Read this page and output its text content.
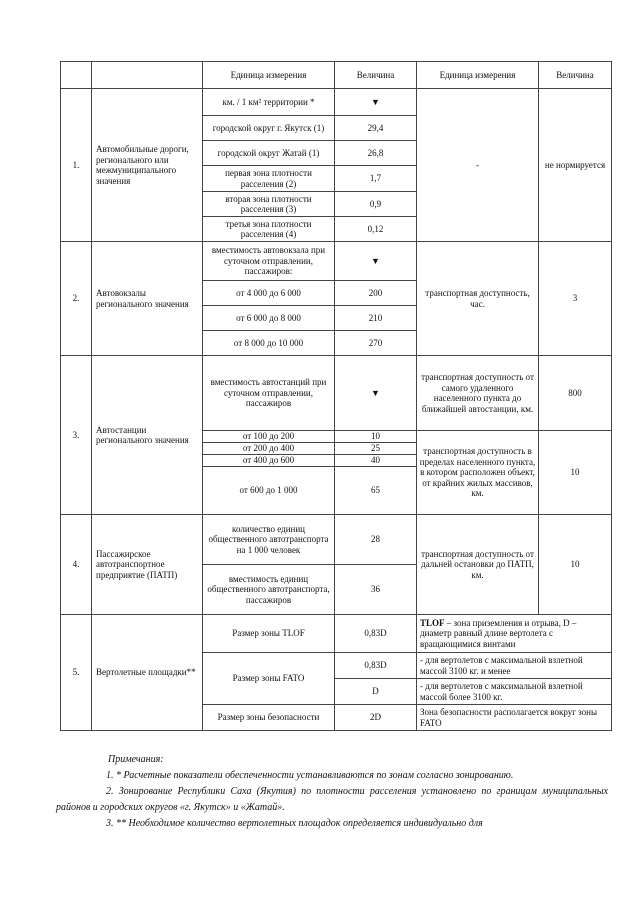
		Единица измерения	Величина	Единица измерения	Величина
1.	Автомобильные дороги, регионального или межмуниципального значения	км. / 1 км² территории *	▼	-	не нормируется
		городской округ г. Якутск (1)	29,4		
		городской округ Жатай (1)	26,8		
		первая зона плотности расселения (2)	1,7		
		вторая зона плотности расселения (3)	0,9		
		третья зона плотности расселения (4)	0,12		
2.	Автовокзалы регионального значения	вместимость автовокзала при суточном отправлении, пассажиров:	▼	транспортная доступность, час.	3
		от 4 000 до 6 000	200		
		от 6 000 до 8 000	210		
		от 8 000 до 10 000	270		
3.	Автостанции регионального значения	вместимость автостанций при суточном отправлении, пассажиров	▼	транспортная доступность от самого удаленного населенного пункта до ближайшей автостанции, км.	800
		от 100 до 200	10	транспортная доступность в пределах населенного пункта, в котором расположен объект, от крайних жилых массивов, км.	10
		от 200 до 400	25		
		от 400 до 600	40		
		от 600 до 1 000	65		
4.	Пассажирское автотранспортное предприятие (ПАТП)	количество единиц общественного автотранспорта на 1 000 человек	28	транспортная доступность от дальней остановки до ПАТП, км.	10
		вместимость единиц общественного автотранспорта, пассажиров	36		
5.	Вертолетные площадки**	Размер зоны TLOF	0,83D	TLOF – зона приземления и отрыва, D – диаметр равный длине вертолета с вращающимися винтами	
		Размер зоны FATO	0,83D	- для вертолетов с максимальной взлетной массой 3100 кг. и менее	
			D	- для вертолетов с максимальной взлетной массой более 3100 кг.	
		Размер зоны безопасности	2D	Зона безопасности располагается вокруг зоны FATO	

Примечания:

1. * Расчетные показатели обеспеченности устанавливаются по зонам согласно зонированию.

2. Зонирование Республики Саха (Якутия) по плотности расселения установлено по границам муниципальных районов и городских округов «г. Якутск» и «Жатай».

3. ** Необходимое количество вертолетных площадок определяется индивидуально для
